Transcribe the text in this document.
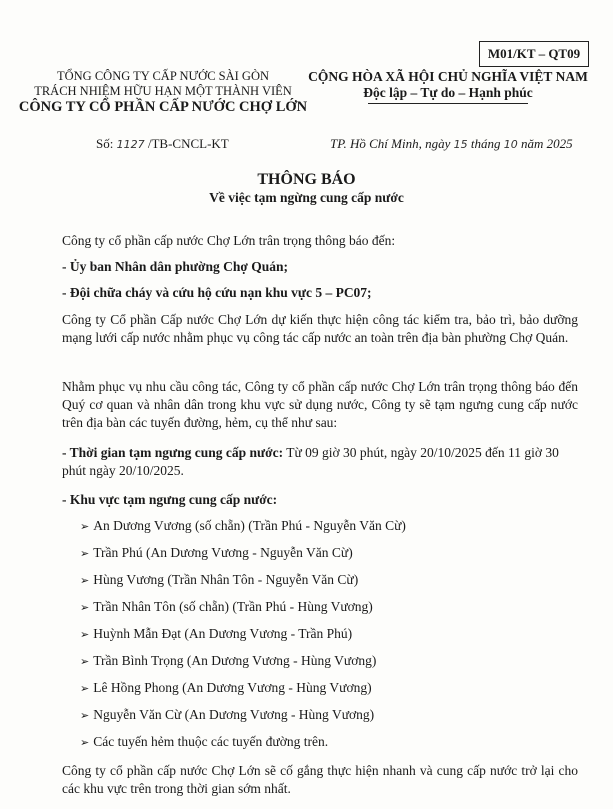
M01/KT – QT09
TỔNG CÔNG TY CẤP NƯỚC SÀI GÒN
TRÁCH NHIỆM HỮU HẠN MỘT THÀNH VIÊN
CÔNG TY CỔ PHẦN CẤP NƯỚC CHỢ LỚN
CỘNG HÒA XÃ HỘI CHỦ NGHĨA VIỆT NAM
Độc lập – Tự do – Hạnh phúc
Số: 1127 /TB-CNCL-KT	TP. Hồ Chí Minh, ngày 15 tháng 10 năm 2025
THÔNG BÁO
Về việc tạm ngừng cung cấp nước
Công ty cổ phần cấp nước Chợ Lớn trân trọng thông báo đến:
- Ủy ban Nhân dân phường Chợ Quán;
- Đội chữa cháy và cứu hộ cứu nạn khu vực 5 – PC07;
Công ty Cổ phần Cấp nước Chợ Lớn dự kiến thực hiện công tác kiểm tra, bảo trì, bảo dưỡng mạng lưới cấp nước nhằm phục vụ công tác cấp nước an toàn trên địa bàn phường Chợ Quán.
Nhằm phục vụ nhu cầu công tác, Công ty cổ phần cấp nước Chợ Lớn trân trọng thông báo đến Quý cơ quan và nhân dân trong khu vực sử dụng nước, Công ty sẽ tạm ngưng cung cấp nước trên địa bàn các tuyến đường, hẻm, cụ thể như sau:
- Thời gian tạm ngưng cung cấp nước: Từ 09 giờ 30 phút, ngày 20/10/2025 đến 11 giờ 30 phút ngày 20/10/2025.
- Khu vực tạm ngưng cung cấp nước:
➢ An Dương Vương (số chẵn) (Trần Phú - Nguyễn Văn Cừ)
➢ Trần Phú (An Dương Vương - Nguyễn Văn Cừ)
➢ Hùng Vương (Trần Nhân Tôn - Nguyễn Văn Cừ)
➢ Trần Nhân Tôn (số chẵn) (Trần Phú - Hùng Vương)
➢ Huỳnh Mẫn Đạt (An Dương Vương - Trần Phú)
➢ Trần Bình Trọng (An Dương Vương - Hùng Vương)
➢ Lê Hồng Phong (An Dương Vương - Hùng Vương)
➢ Nguyễn Văn Cừ (An Dương Vương - Hùng Vương)
➢ Các tuyến hẻm thuộc các tuyến đường trên.
Công ty cổ phần cấp nước Chợ Lớn sẽ cố gắng thực hiện nhanh và cung cấp nước trở lại cho các khu vực trên trong thời gian sớm nhất.
